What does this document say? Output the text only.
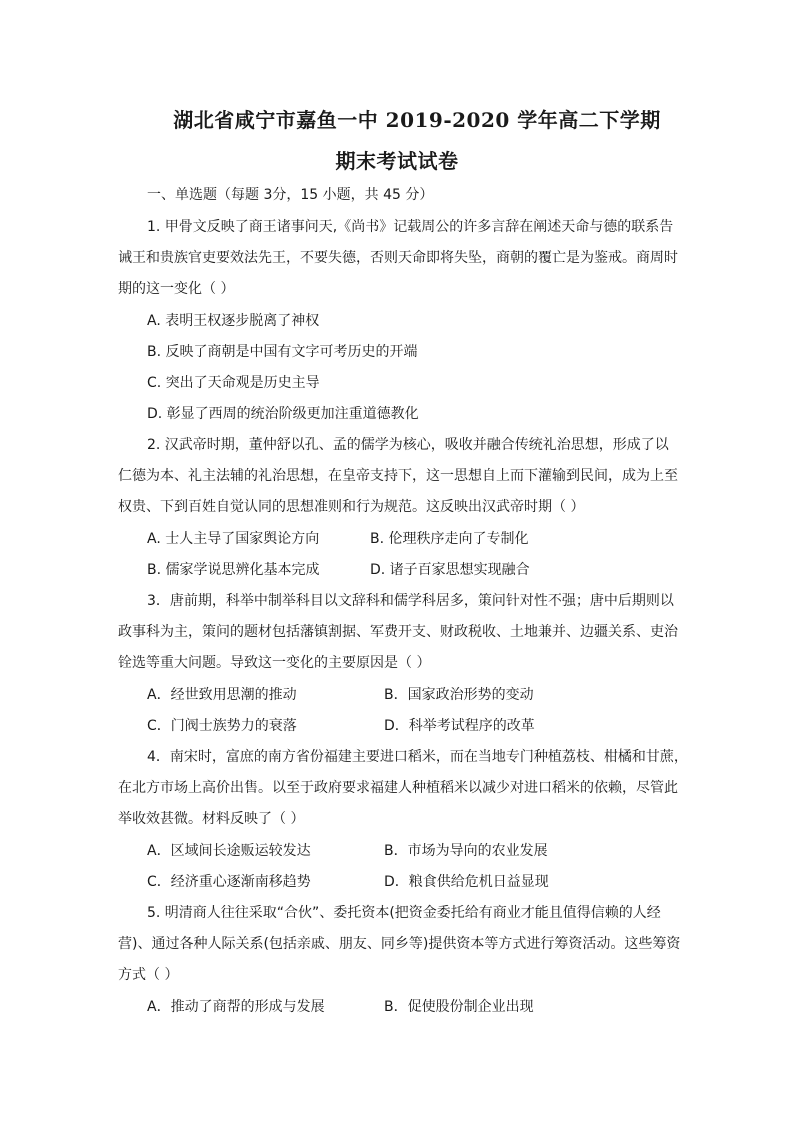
湖北省咸宁市嘉鱼一中 2019-2020 学年高二下学期
期末考试试卷
一、单选题（每题 3分，15 小题，共 45 分）
1. 甲骨文反映了商王诸事问天,《尚书》记载周公的许多言辞在阐述天命与德的联系告
诫王和贵族官吏要效法先王，不要失德，否则天命即将失坠，商朝的覆亡是为鉴戒。商周时
期的这一变化（ ）
A. 表明王权逐步脱离了神权
B. 反映了商朝是中国有文字可考历史的开端
C. 突出了天命观是历史主导
D. 彰显了西周的统治阶级更加注重道德教化
2. 汉武帝时期，董仲舒以孔、孟的儒学为核心，吸收并融合传统礼治思想，形成了以
仁德为本、礼主法辅的礼治思想，在皇帝支持下，这一思想自上而下灌输到民间，成为上至
权贵、下到百姓自觉认同的思想准则和行为规范。这反映出汉武帝时期（ ）
A. 士人主导了国家舆论方向	B. 伦理秩序走向了专制化
B. 儒家学说思辨化基本完成	D. 诸子百家思想实现融合
3．唐前期，科举中制举科目以文辞科和儒学科居多，策问针对性不强；唐中后期则以
政事科为主，策问的题材包括藩镇割据、军费开支、财政税收、土地兼并、边疆关系、吏治
铨选等重大问题。导致这一变化的主要原因是（ ）
A．经世致用思潮的推动	B．国家政治形势的变动
C．门阀士族势力的衰落	D．科举考试程序的改革
4．南宋时，富庶的南方省份福建主要进口稻米，而在当地专门种植荔枝、柑橘和甘蔗，
在北方市场上高价出售。以至于政府要求福建人种植稻米以减少对进口稻米的依赖，尽管此
举收效甚微。材料反映了（ ）
A．区域间长途贩运较发达	B．市场为导向的农业发展
C．经济重心逐渐南移趋势	D．粮食供给危机日益显现
5. 明清商人往往采取“合伙”、委托资本(把资金委托给有商业才能且值得信赖的人经
营)、通过各种人际关系(包括亲戚、朋友、同乡等)提供资本等方式进行筹资活动。这些筹资
方式（ ）
A．推动了商帮的形成与发展	B．促使股份制企业出现
